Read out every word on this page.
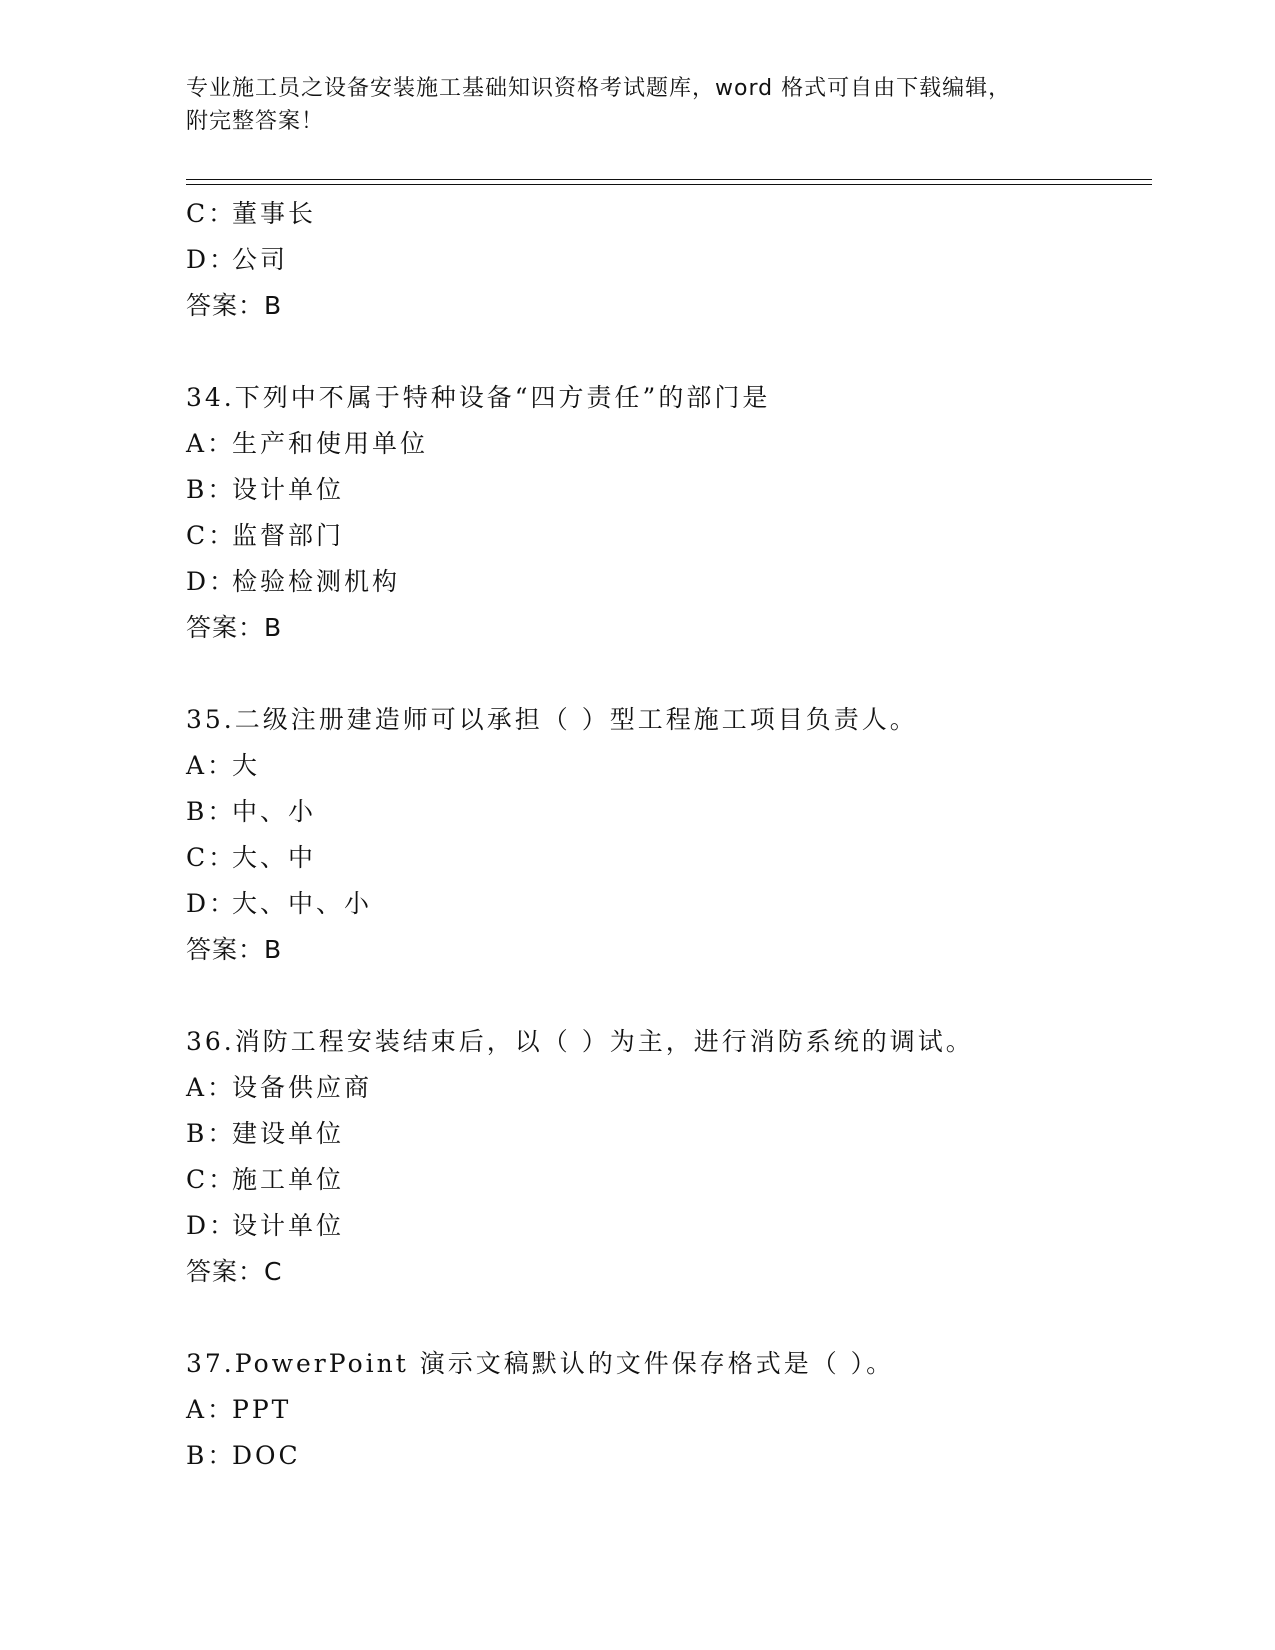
专业施工员之设备安装施工基础知识资格考试题库，word 格式可自由下载编辑，
附完整答案！
C：董事长
D：公司
答案：B
34.下列中不属于特种设备“四方责任”的部门是
A：生产和使用单位
B：设计单位
C：监督部门
D：检验检测机构
答案：B
35.二级注册建造师可以承担（ ）型工程施工项目负责人。
A：大
B：中、小
C：大、中
D：大、中、小
答案：B
36.消防工程安装结束后，以（ ）为主，进行消防系统的调试。
A：设备供应商
B：建设单位
C：施工单位
D：设计单位
答案：C
37.PowerPoint 演示文稿默认的文件保存格式是（ ）。
A：PPT
B：DOC
